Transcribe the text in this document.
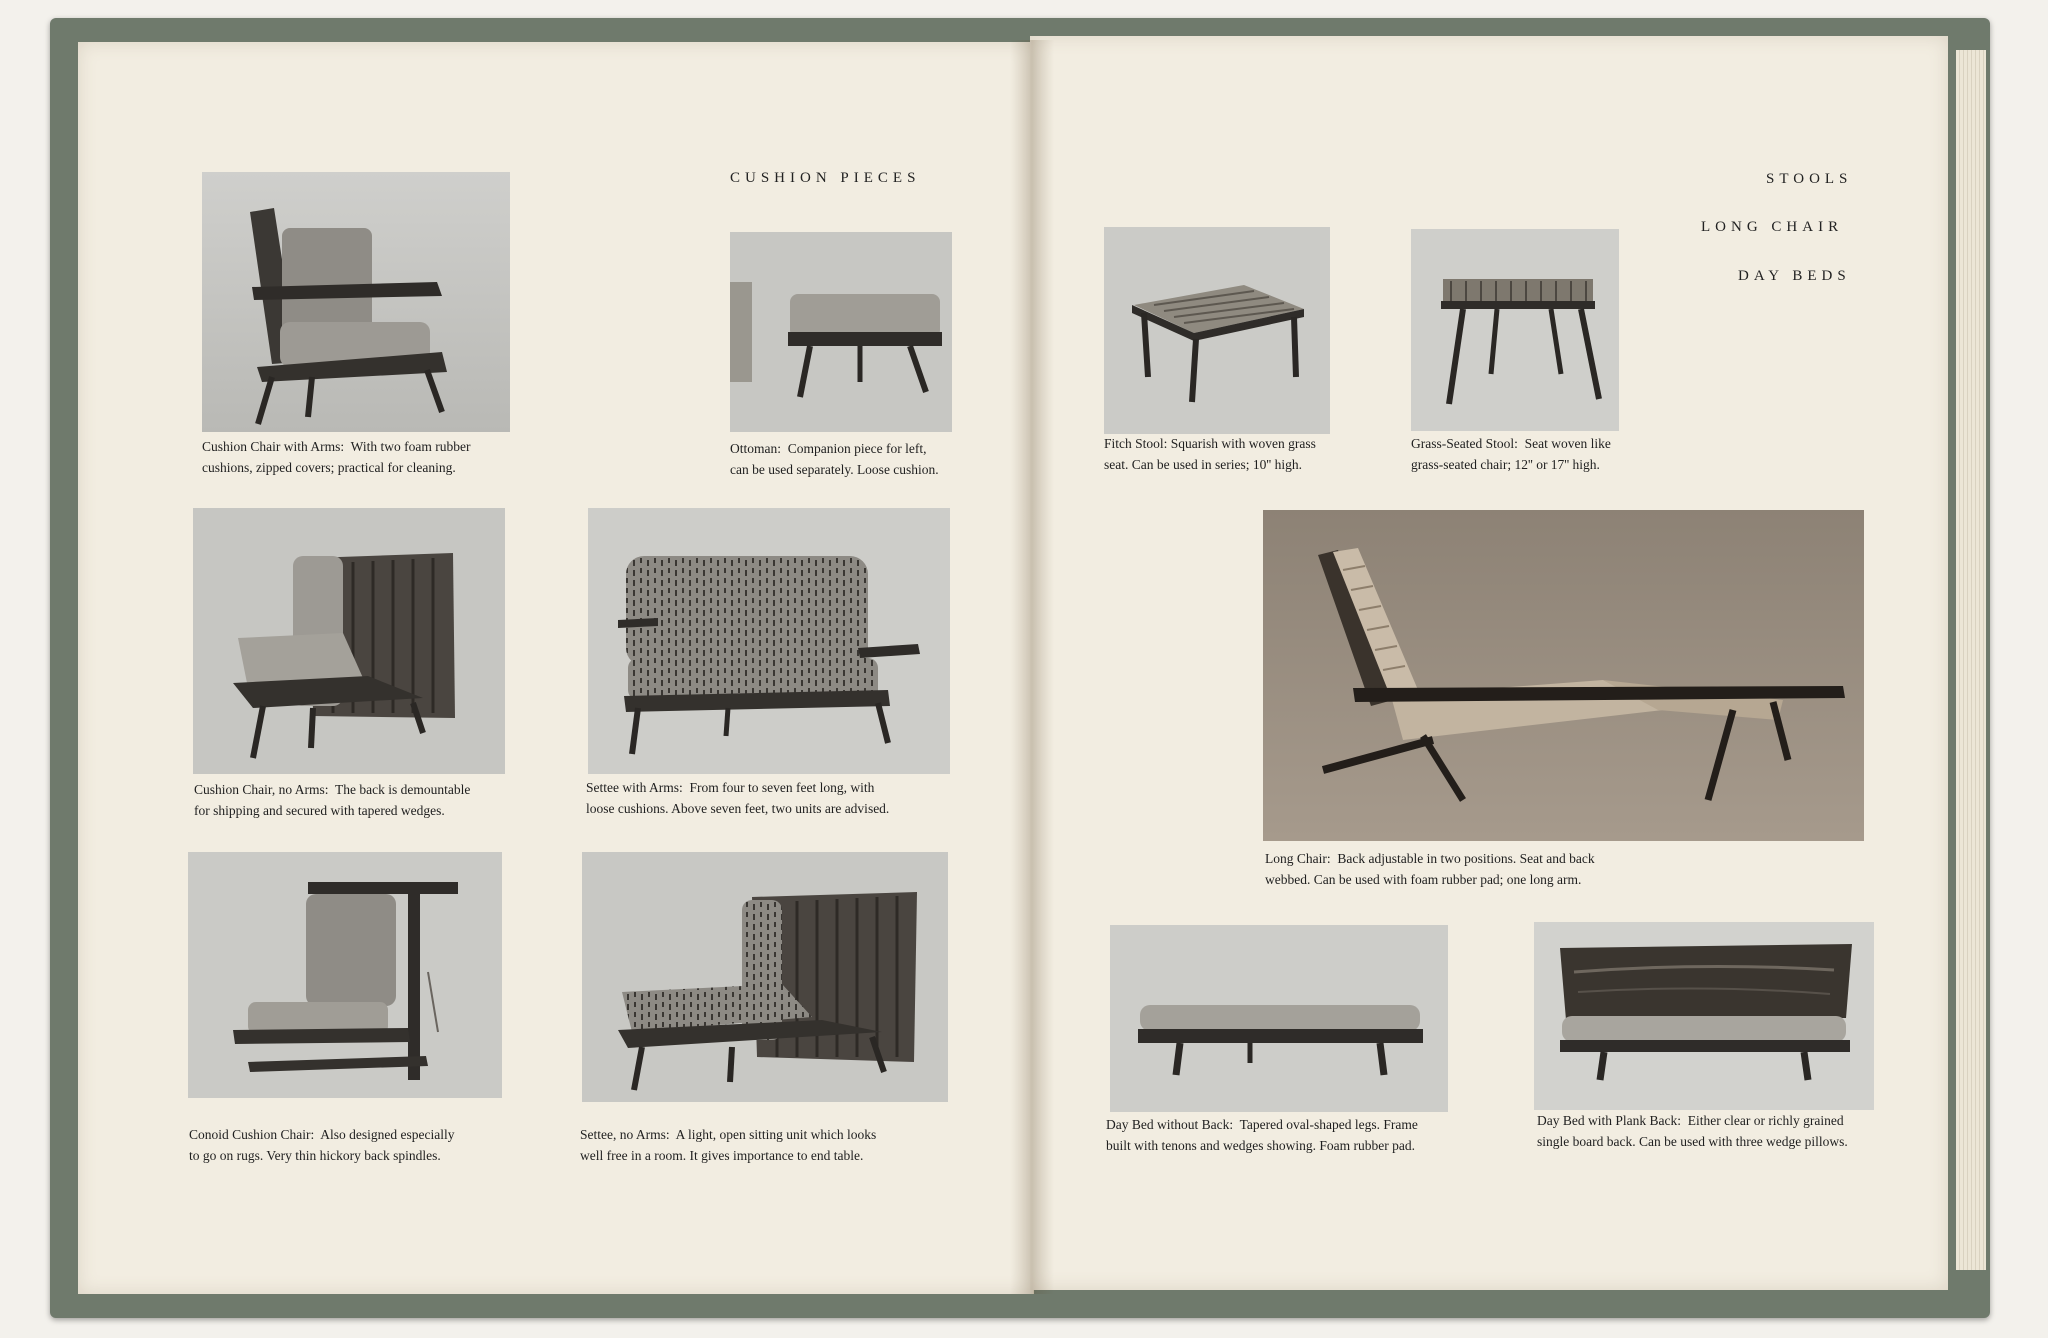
CUSHION PIECES	STOOLS
LONG CHAIR
DAY BEDS
Cushion Chair with Arms: With two foam rubber
cushions, zipped covers; practical for cleaning.
Ottoman: Companion piece for left,
can be used separately. Loose cushion.
Cushion Chair, no Arms: The back is demountable
for shipping and secured with tapered wedges.
Settee with Arms: From four to seven feet long, with
loose cushions. Above seven feet, two units are advised.
Conoid Cushion Chair: Also designed especially
to go on rugs. Very thin hickory back spindles.
Settee, no Arms: A light, open sitting unit which looks
well free in a room. It gives importance to end table.
Fitch Stool: Squarish with woven grass
seat. Can be used in series; 10'' high.
Grass-Seated Stool: Seat woven like
grass-seated chair; 12'' or 17'' high.
Long Chair: Back adjustable in two positions. Seat and back
webbed. Can be used with foam rubber pad; one long arm.
Day Bed without Back: Tapered oval-shaped legs. Frame
built with tenons and wedges showing. Foam rubber pad.
Day Bed with Plank Back: Either clear or richly grained
single board back. Can be used with three wedge pillows.
